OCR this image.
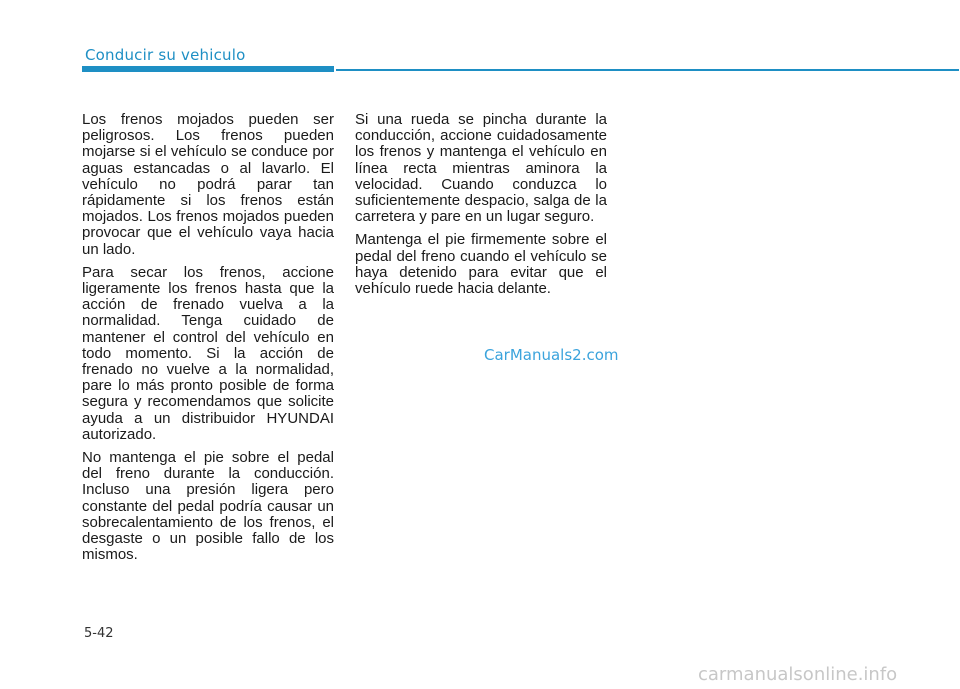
Conducir su vehiculo

Los frenos mojados pueden ser peligrosos. Los frenos pueden mojarse si el vehículo se conduce por aguas estancadas o al lavarlo. El vehículo no podrá parar tan rápidamente si los frenos están mojados. Los frenos mojados pueden provocar que el vehículo vaya hacia un lado.

Para secar los frenos, accione ligeramente los frenos hasta que la acción de frenado vuelva a la normalidad. Tenga cuidado de mantener el control del vehículo en todo momento. Si la acción de frenado no vuelve a la normalidad, pare lo más pronto posible de forma segura y recomendamos que solicite ayuda a un distribuidor HYUNDAI autorizado.

No mantenga el pie sobre el pedal del freno durante la conducción. Incluso una presión ligera pero constante del pedal podría causar un sobrecalentamiento de los frenos, el desgaste o un posible fallo de los mismos.

Si una rueda se pincha durante la conducción, accione cuidadosamente los frenos y mantenga el vehículo en línea recta mientras aminora la velocidad. Cuando conduzca lo suficientemente despacio, salga de la carretera y pare en un lugar seguro.

Mantenga el pie firmemente sobre el pedal del freno cuando el vehículo se haya detenido para evitar que el vehículo ruede hacia delante.

CarManuals2.com
5-42
carmanualsonline.info
